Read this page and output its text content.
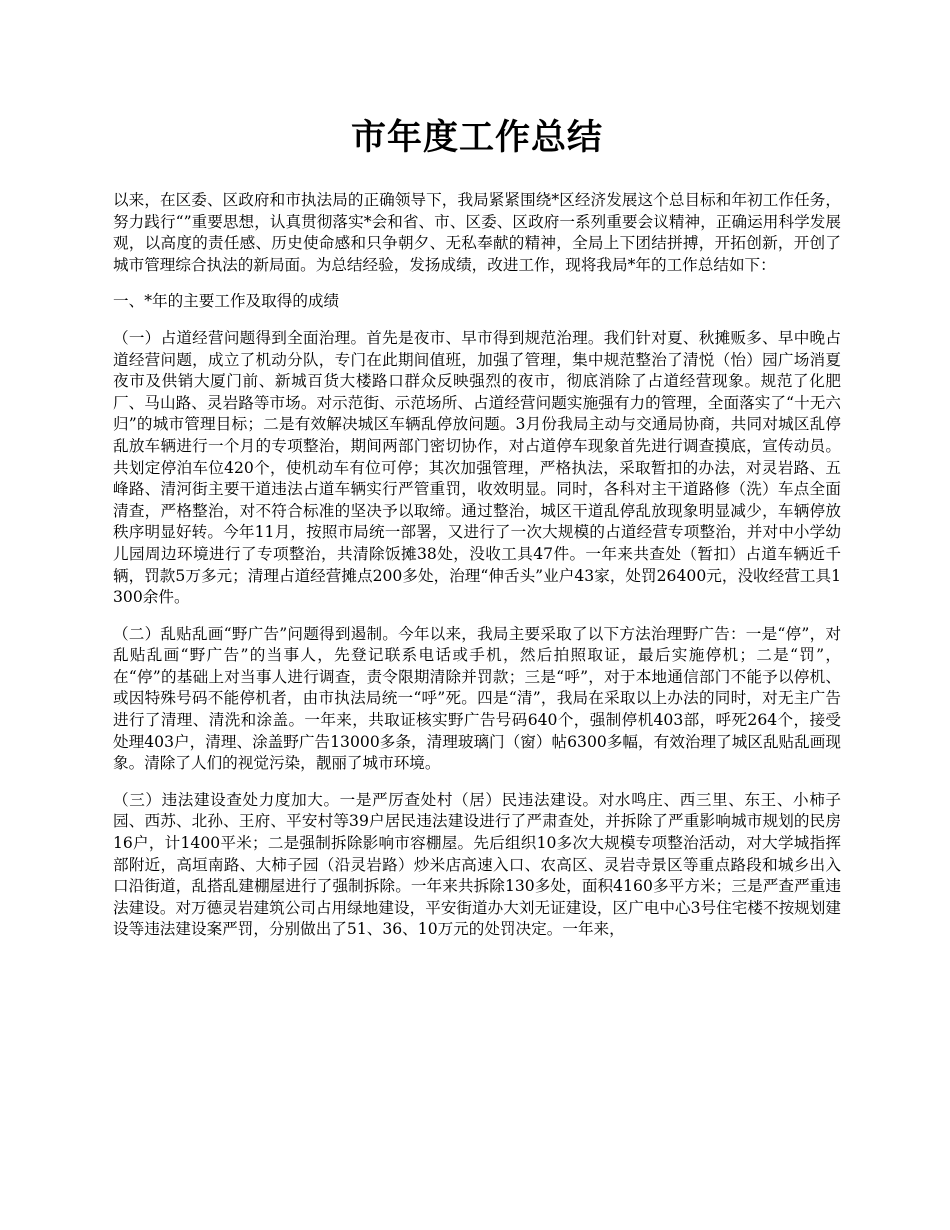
市年度工作总结

以来，在区委、区政府和市执法局的正确领导下，我局紧紧围绕*区经济发展这个总目标和年初工作任务，努力践行“”重要思想，认真贯彻落实*会和省、市、区委、区政府一系列重要会议精神，正确运用科学发展观，以高度的责任感、历史使命感和只争朝夕、无私奉献的精神，全局上下团结拼搏，开拓创新，开创了城市管理综合执法的新局面。为总结经验，发扬成绩，改进工作，现将我局*年的工作总结如下：

一、*年的主要工作及取得的成绩

（一）占道经营问题得到全面治理。首先是夜市、早市得到规范治理。我们针对夏、秋摊贩多、早中晚占道经营问题，成立了机动分队，专门在此期间值班，加强了管理，集中规范整治了清悦（怡）园广场消夏夜市及供销大厦门前、新城百货大楼路口群众反映强烈的夜市，彻底消除了占道经营现象。规范了化肥厂、马山路、灵岩路等市场。对示范街、示范场所、占道经营问题实施强有力的管理，全面落实了“十无六归”的城市管理目标；二是有效解决城区车辆乱停放问题。3月份我局主动与交通局协商，共同对城区乱停乱放车辆进行一个月的专项整治，期间两部门密切协作，对占道停车现象首先进行调查摸底，宣传动员。共划定停泊车位420个，使机动车有位可停；其次加强管理，严格执法，采取暂扣的办法，对灵岩路、五峰路、清河街主要干道违法占道车辆实行严管重罚，收效明显。同时，各科对主干道路修（洗）车点全面清查，严格整治，对不符合标准的坚决予以取缔。通过整治，城区干道乱停乱放现象明显减少，车辆停放秩序明显好转。今年11月，按照市局统一部署，又进行了一次大规模的占道经营专项整治，并对中小学幼儿园周边环境进行了专项整治，共清除饭摊38处，没收工具47件。一年来共查处（暂扣）占道车辆近千辆，罚款5万多元；清理占道经营摊点200多处，治理“伸舌头”业户43家，处罚26400元，没收经营工具1300余件。

（二）乱贴乱画“野广告”问题得到遏制。今年以来，我局主要采取了以下方法治理野广告：一是“停”，对乱贴乱画“野广告”的当事人，先登记联系电话或手机，然后拍照取证，最后实施停机；二是“罚”，在“停”的基础上对当事人进行调查，责令限期清除并罚款；三是“呼”，对于本地通信部门不能予以停机、或因特殊号码不能停机者，由市执法局统一“呼”死。四是“清”，我局在采取以上办法的同时，对无主广告进行了清理、清洗和涂盖。一年来，共取证核实野广告号码640个，强制停机403部，呼死264个，接受处理403户，清理、涂盖野广告13000多条，清理玻璃门（窗）帖6300多幅，有效治理了城区乱贴乱画现象。清除了人们的视觉污染，靓丽了城市环境。

（三）违法建设查处力度加大。一是严厉查处村（居）民违法建设。对水鸣庄、西三里、东王、小柿子园、西苏、北孙、王府、平安村等39户居民违法建设进行了严肃查处，并拆除了严重影响城市规划的民房16户，计1400平米；二是强制拆除影响市容棚屋。先后组织10多次大规模专项整治活动，对大学城指挥部附近，高垣南路、大柿子园（沿灵岩路）炒米店高速入口、农高区、灵岩寺景区等重点路段和城乡出入口沿街道，乱搭乱建棚屋进行了强制拆除。一年来共拆除130多处，面积4160多平方米；三是严查严重违法建设。对万德灵岩建筑公司占用绿地建设，平安街道办大刘无证建设，区广电中心3号住宅楼不按规划建设等违法建设案严罚，分别做出了51、36、10万元的处罚决定。一年来，
